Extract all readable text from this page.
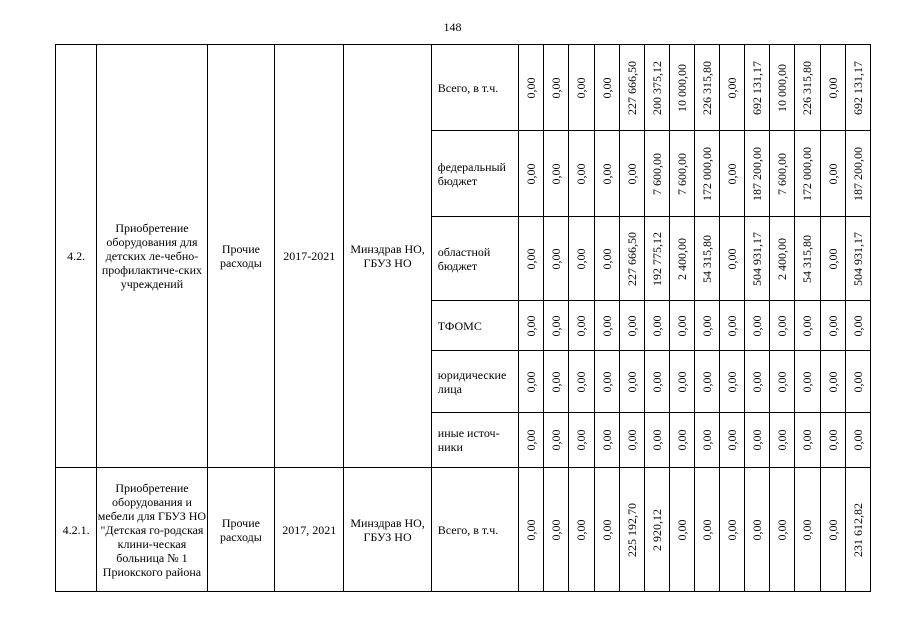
148
4.2.	Приобретение оборудования для детских ле-чебно-профилактиче-ских учреждений	Прочие расходы	2017-2021	Минздрав НО, ГБУЗ НО	Всего, в т.ч.	0,00	0,00	0,00	0,00	227 666,50	200 375,12	10 000,00	226 315,80	0,00	692 131,17	10 000,00	226 315,80	0,00	692 131,17

					федеральный бюджет	0,00	0,00	0,00	0,00	0,00	7 600,00	7 600,00	172 000,00	0,00	187 200,00	7 600,00	172 000,00	0,00	187 200,00

					областной бюджет	0,00	0,00	0,00	0,00	227 666,50	192 775,12	2 400,00	54 315,80	0,00	504 931,17	2 400,00	54 315,80	0,00	504 931,17

					ТФОМС	0,00	0,00	0,00	0,00	0,00	0,00	0,00	0,00	0,00	0,00	0,00	0,00	0,00	0,00

					юридические лица	0,00	0,00	0,00	0,00	0,00	0,00	0,00	0,00	0,00	0,00	0,00	0,00	0,00	0,00

					иные источ-ники	0,00	0,00	0,00	0,00	0,00	0,00	0,00	0,00	0,00	0,00	0,00	0,00	0,00	0,00

4.2.1.	Приобретение оборудования и мебели для ГБУЗ НО "Детская го-родская клини-ческая больница № 1 Приокского района	Прочие расходы	2017, 2021	Минздрав НО, ГБУЗ НО	Всего, в т.ч.	0,00	0,00	0,00	0,00	225 192,70	2 920,12	0,00	0,00	0,00	0,00	0,00	0,00	0,00	231 612,82
